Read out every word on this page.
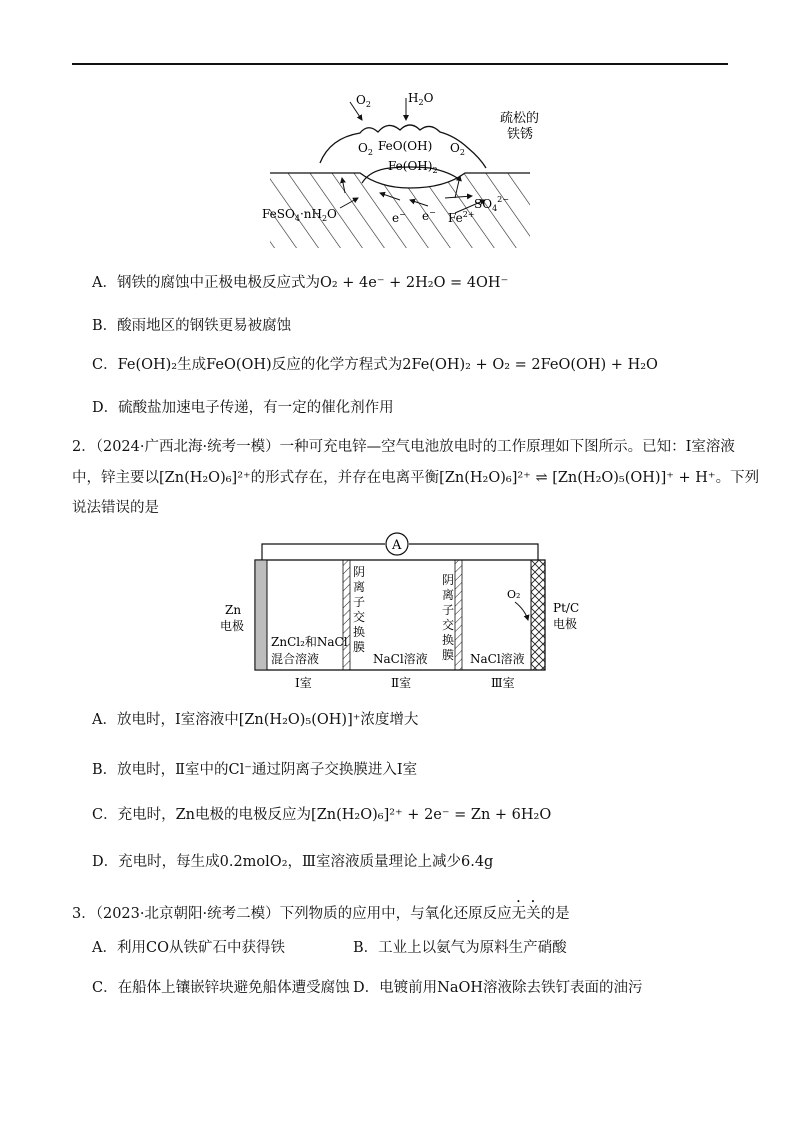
$O_2$	$H_2O$
疏松的
铁锈
$O_2$ FeO(OH) $O_2$
$Fe(OH)_2$
$FeSO_4\cdot nH_2O$	e− e− $Fe^{2+}$
$SO_4^{2-}$
A．钢铁的腐蚀中正极电极反应式为O₂ + 4e⁻ + 2H₂O = 4OH⁻
B．酸雨地区的钢铁更易被腐蚀
C．Fe(OH)₂生成FeO(OH)反应的化学方程式为2Fe(OH)₂ + O₂ = 2FeO(OH) + H₂O
D．硫酸盐加速电子传递，有一定的催化剂作用
2．（2024·广西北海·统考一模）一种可充电锌—空气电池放电时的工作原理如下图所示。已知：Ⅰ室溶液
中，锌主要以[Zn(H₂O)₆]²⁺的形式存在，并存在电离平衡[Zn(H₂O)₆]²⁺ ⇌ [Zn(H₂O)₅(OH)]⁺ + H⁺。下列
说法错误的是
A
Zn
电极
ZnCl₂和NaCl
混合溶液
阴
离
子
交
换
膜
阴
离
子
交
换
膜
NaCl溶液	NaCl溶液
O₂
Pt/C
电极
Ⅰ室	Ⅱ室	Ⅲ室
A．放电时，Ⅰ室溶液中[Zn(H₂O)₅(OH)]⁺浓度增大
B．放电时，Ⅱ室中的Cl⁻通过阴离子交换膜进入Ⅰ室
C．充电时，Zn电极的电极反应为[Zn(H₂O)₆]²⁺ + 2e⁻ = Zn + 6H₂O
D．充电时，每生成0.2molO₂，Ⅲ室溶液质量理论上减少6.4g
3．（2023·北京朝阳·统考二模）下列物质的应用中，与氧化还原反应无关的是
A．利用CO从铁矿石中获得铁	B．工业上以氨气为原料生产硝酸
C．在船体上镶嵌锌块避免船体遭受腐蚀 D．电镀前用NaOH溶液除去铁钉表面的油污
